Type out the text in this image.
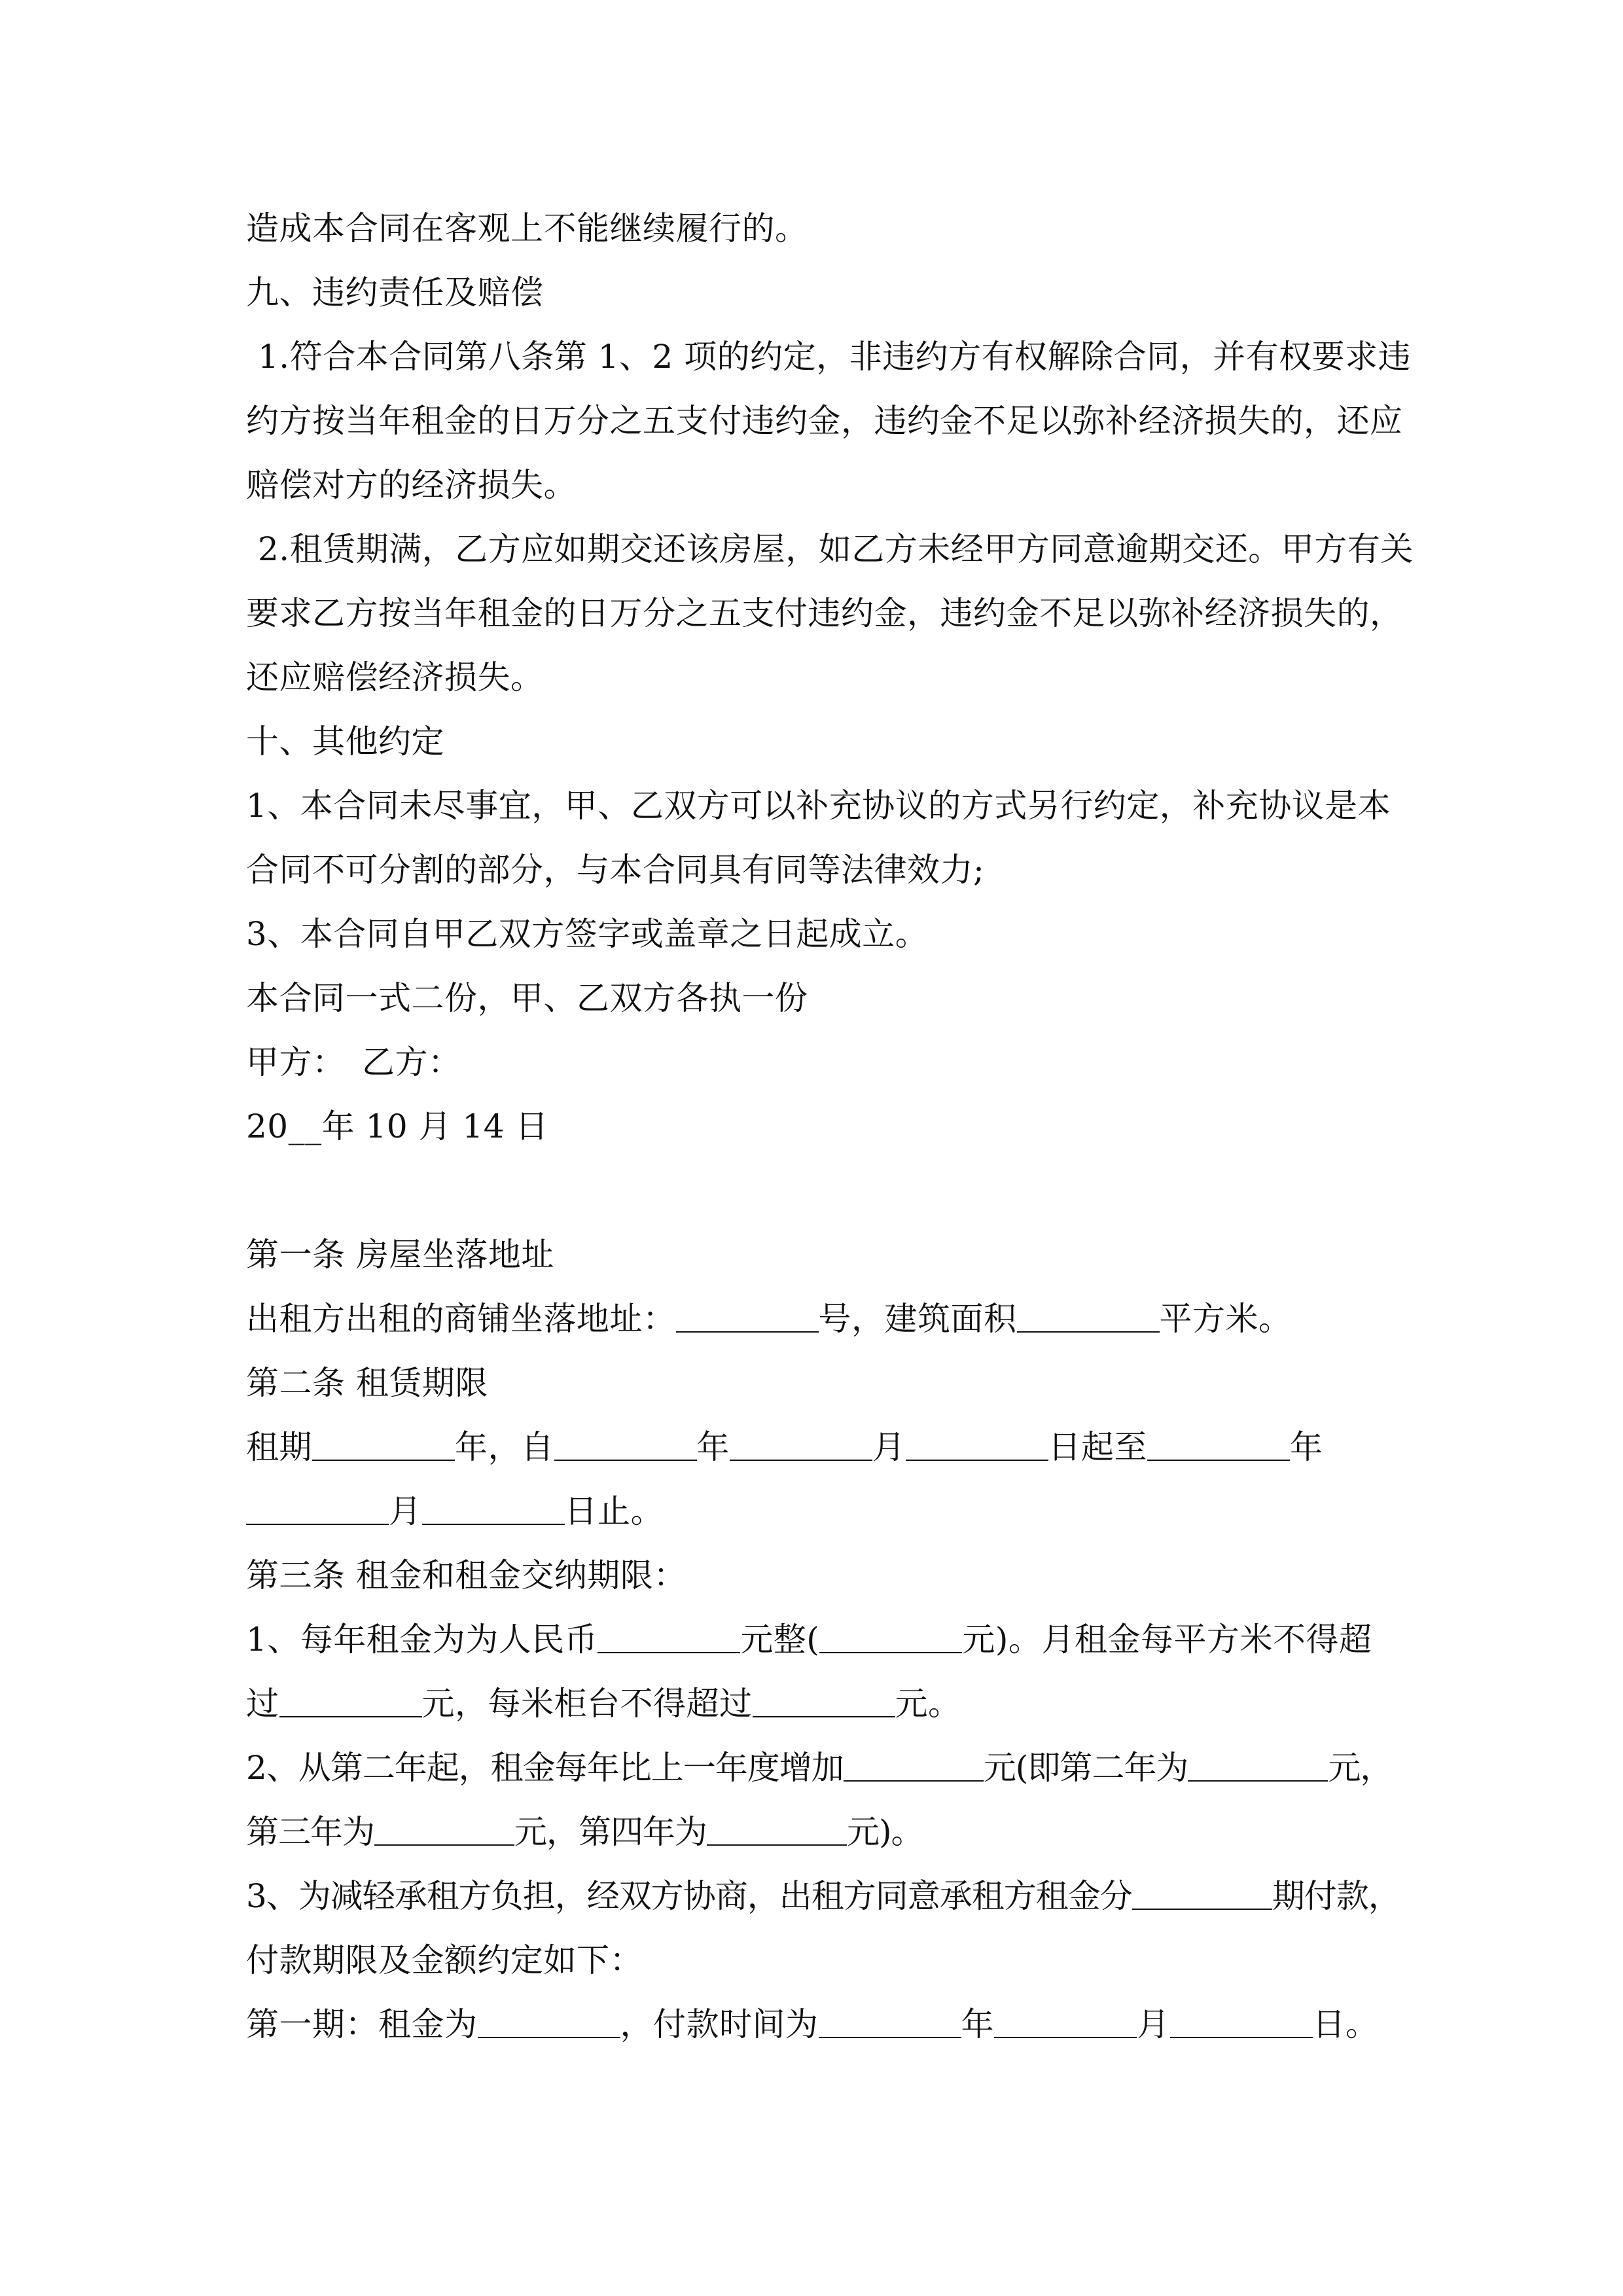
造成本合同在客观上不能继续履行的。
九、违约责任及赔偿
1.符合本合同第八条第 1、2 项的约定，非违约方有权解除合同，并有权要求违
约方按当年租金的日万分之五支付违约金，违约金不足以弥补经济损失的，还应
赔偿对方的经济损失。
2.租赁期满，乙方应如期交还该房屋，如乙方未经甲方同意逾期交还。甲方有关
要求乙方按当年租金的日万分之五支付违约金，违约金不足以弥补经济损失的，
还应赔偿经济损失。
十、其他约定
1、本合同未尽事宜，甲、乙双方可以补充协议的方式另行约定，补充协议是本
合同不可分割的部分，与本合同具有同等法律效力;
3、本合同自甲乙双方签字或盖章之日起成立。
本合同一式二份，甲、乙双方各执一份
甲方：　乙方：
20__年 10 月 14 日
第一条 房屋坐落地址
出租方出租的商铺坐落地址：	号，建筑面积	平方米。
第二条 租赁期限
租期	年，自	年	月	日起至	年
月	日止。
第三条 租金和租金交纳期限：
1、每年租金为为人民币	元整(	元)。月租金每平方米不得超
过	元，每米柜台不得超过	元。
2、从第二年起，租金每年比上一年度增加	元(即第二年为	元，
第三年为	元，第四年为	元)。
3、为减轻承租方负担，经双方协商，出租方同意承租方租金分	期付款，
付款期限及金额约定如下：
第一期：租金为	，付款时间为	年	月	日。
